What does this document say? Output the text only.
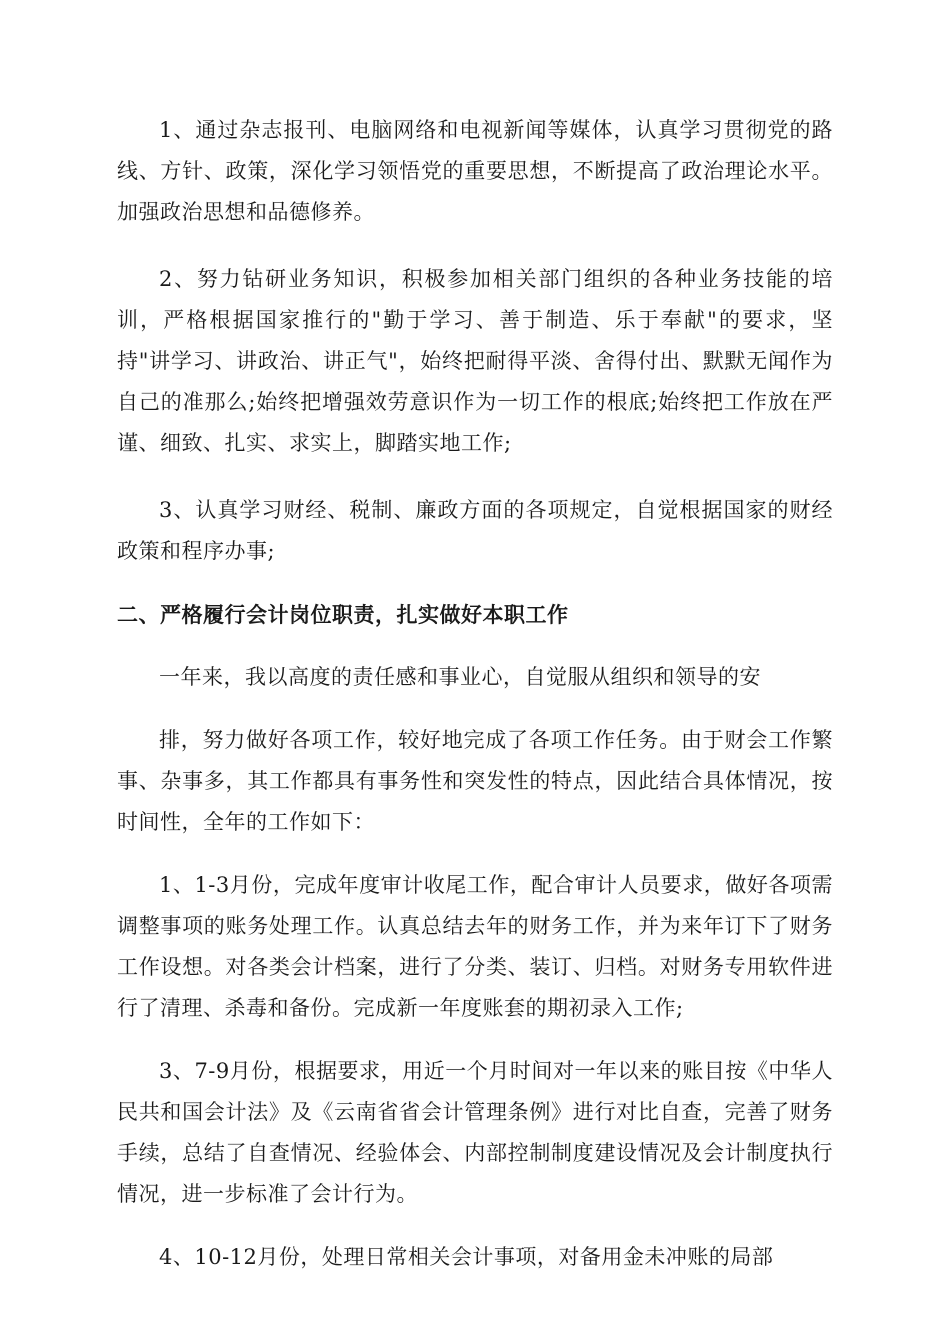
1、通过杂志报刊、电脑网络和电视新闻等媒体，认真学习贯彻党的路线、方针、政策，深化学习领悟党的重要思想，不断提高了政治理论水平。加强政治思想和品德修养。

2、努力钻研业务知识，积极参加相关部门组织的各种业务技能的培训，严格根据国家推行的"勤于学习、善于制造、乐于奉献"的要求，坚持"讲学习、讲政治、讲正气"，始终把耐得平淡、舍得付出、默默无闻作为自己的准那么;始终把增强效劳意识作为一切工作的根底;始终把工作放在严谨、细致、扎实、求实上，脚踏实地工作;

3、认真学习财经、税制、廉政方面的各项规定，自觉根据国家的财经政策和程序办事;

二、严格履行会计岗位职责，扎实做好本职工作

一年来，我以高度的责任感和事业心，自觉服从组织和领导的安

排，努力做好各项工作，较好地完成了各项工作任务。由于财会工作繁事、杂事多，其工作都具有事务性和突发性的特点，因此结合具体情况，按时间性，全年的工作如下：

1、1-3月份，完成年度审计收尾工作，配合审计人员要求，做好各项需调整事项的账务处理工作。认真总结去年的财务工作，并为来年订下了财务工作设想。对各类会计档案，进行了分类、装订、归档。对财务专用软件进行了清理、杀毒和备份。完成新一年度账套的期初录入工作;

3、7-9月份，根据要求，用近一个月时间对一年以来的账目按《中华人民共和国会计法》及《云南省省会计管理条例》进行对比自查，完善了财务手续，总结了自查情况、经验体会、内部控制制度建设情况及会计制度执行情况，进一步标准了会计行为。

4、10-12月份，处理日常相关会计事项，对备用金未冲账的局部
